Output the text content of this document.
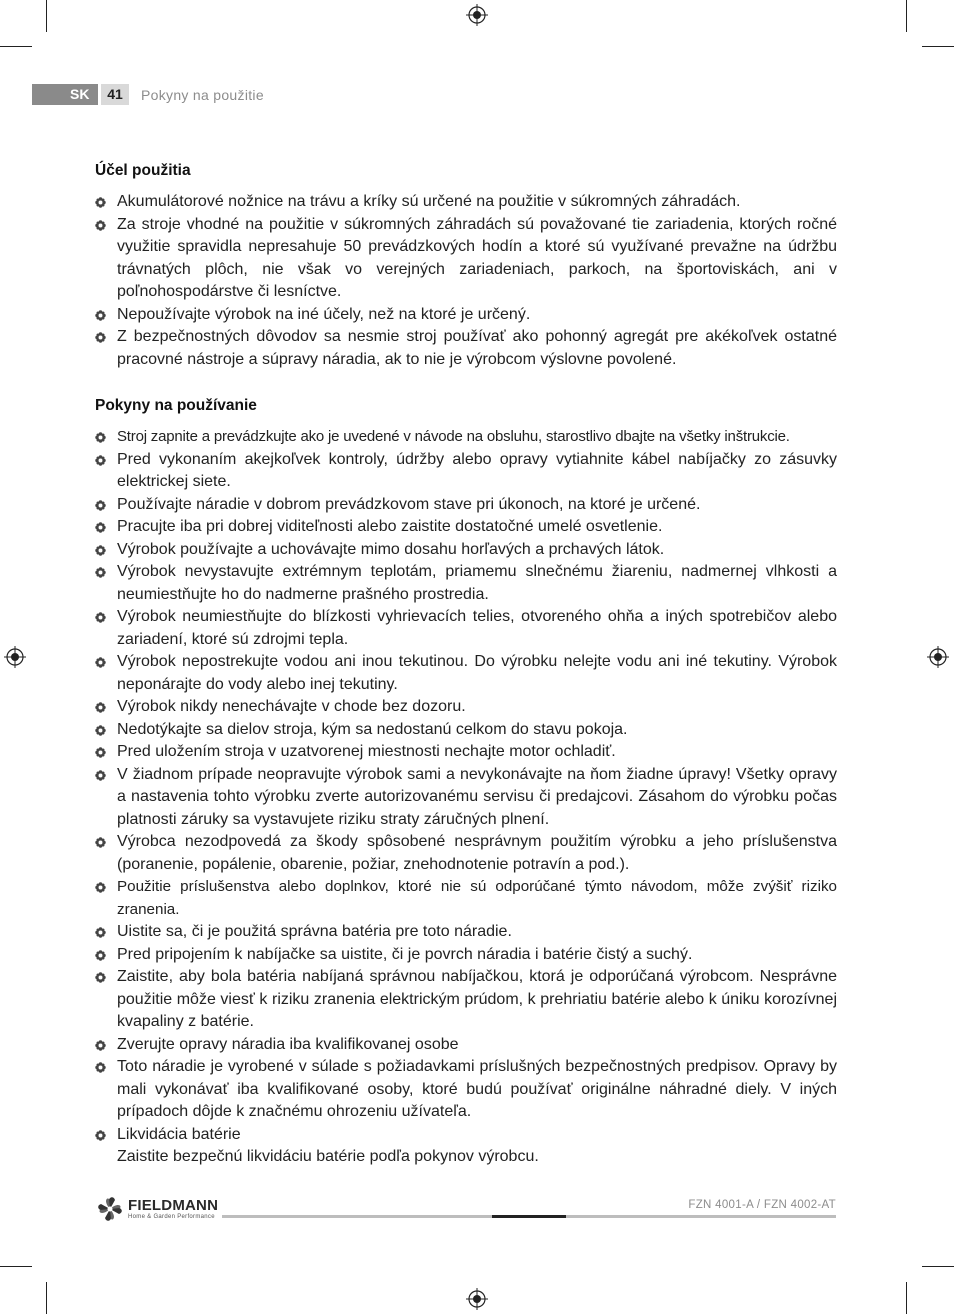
SK	41	Pokyny na použitie
Účel použitia
Akumulátorové nožnice na trávu a kríky sú určené na použitie v súkromných záhradách.
Za stroje vhodné na použitie v súkromných záhradách sú považované tie zariadenia, ktorých ročné využitie spravidla nepresahuje 50 prevádzkových hodín a ktoré sú využívané prevažne na údržbu trávnatých plôch, nie však vo verejných zariadeniach, parkoch, na športoviskách, ani v poľnohospodárstve či lesníctve.
Nepoužívajte výrobok na iné účely, než na ktoré je určený.
Z bezpečnostných dôvodov sa nesmie stroj používať ako pohonný agregát pre akékoľvek ostatné pracovné nástroje a súpravy náradia, ak to nie je výrobcom výslovne povolené.
Pokyny na používanie
Stroj zapnite a prevádzkujte ako je uvedené v návode na obsluhu, starostlivo dbajte na všetky inštrukcie.
Pred vykonaním akejkoľvek kontroly, údržby alebo opravy vytiahnite kábel nabíjačky zo zásuvky elektrickej siete.
Používajte náradie v dobrom prevádzkovom stave pri úkonoch, na ktoré je určené.
Pracujte iba pri dobrej viditeľnosti alebo zaistite dostatočné umelé osvetlenie.
Výrobok používajte a uchovávajte mimo dosahu horľavých a prchavých látok.
Výrobok nevystavujte extrémnym teplotám, priamemu slnečnému žiareniu, nadmernej vlhkosti a neumiestňujte ho do nadmerne prašného prostredia.
Výrobok neumiestňujte do blízkosti vyhrievacích telies, otvoreného ohňa a iných spotrebičov alebo zariadení, ktoré sú zdrojmi tepla.
Výrobok nepostrekujte vodou ani inou tekutinou. Do výrobku nelejte vodu ani iné tekutiny. Výrobok neponárajte do vody alebo inej tekutiny.
Výrobok nikdy nenechávajte v chode bez dozoru.
Nedotýkajte sa dielov stroja, kým sa nedostanú celkom do stavu pokoja.
Pred uložením stroja v uzatvorenej miestnosti nechajte motor ochladiť.
V žiadnom prípade neopravujte výrobok sami a nevykonávajte na ňom žiadne úpravy! Všetky opravy a nastavenia tohto výrobku zverte autorizovanému servisu či predajcovi. Zásahom do výrobku počas platnosti záruky sa vystavujete riziku straty záručných plnení.
Výrobca nezodpovedá za škody spôsobené nesprávnym použitím výrobku a jeho príslušenstva (poranenie, popálenie, obarenie, požiar, znehodnotenie potravín a pod.).
Použitie príslušenstva alebo doplnkov, ktoré nie sú odporúčané týmto návodom, môže zvýšiť riziko zranenia.
Uistite sa, či je použitá správna batéria pre toto náradie.
Pred pripojením k nabíjačke sa uistite, či je povrch náradia i batérie čistý a suchý.
Zaistite, aby bola batéria nabíjaná správnou nabíjačkou, ktorá je odporúčaná výrobcom. Nesprávne použitie môže viesť k riziku zranenia elektrickým prúdom, k prehriatiu batérie alebo k úniku korozívnej kvapaliny z batérie.
Zverujte opravy náradia iba kvalifikovanej osobe
Toto náradie je vyrobené v súlade s požiadavkami príslušných bezpečnostných predpisov. Opravy by mali vykonávať iba kvalifikované osoby, ktoré budú používať originálne náhradné diely. V iných prípadoch dôjde k značnému ohrozeniu užívateľa.
Likvidácia batérie
Zaistite bezpečnú likvidáciu batérie podľa pokynov výrobcu.
FIELDMANN
Home & Garden Performance
FZN 4001-A / FZN 4002-AT
